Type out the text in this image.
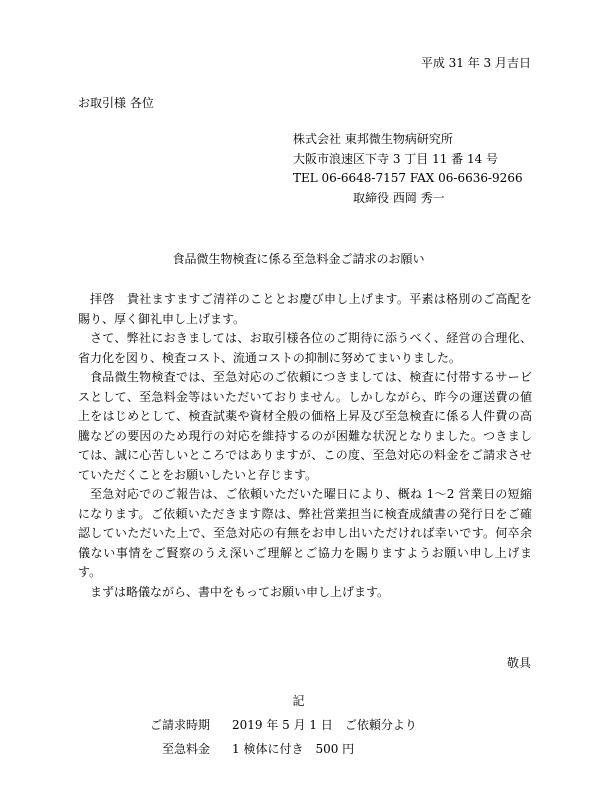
平成 31 年 3 月吉日
お取引様 各位
株式会社 東邦微生物病研究所
大阪市浪速区下寺 3 丁目 11 番 14 号
TEL 06-6648-7157 FAX 06-6636-9266
取締役 西岡 秀一
食品微生物検査に係る至急料金ご請求のお願い

拝啓　貴社ますますご清祥のこととお慶び申し上げます。平素は格別のご高配を賜り、厚く御礼申し上げます。

さて、弊社におきましては、お取引様各位のご期待に添うべく、経営の合理化、省力化を図り、検査コスト、流通コストの抑制に努めてまいりました。

食品微生物検査では、至急対応のご依頼につきましては、検査に付帯するサービスとして、至急料金等はいただいておりません。しかしながら、昨今の運送費の値上をはじめとして、検査試薬や資材全般の価格上昇及び至急検査に係る人件費の高騰などの要因のため現行の対応を維持するのが困難な状況となりました。つきましては、誠に心苦しいところではありますが、この度、至急対応の料金をご請求させていただくことをお願いしたいと存じます。

至急対応でのご報告は、ご依頼いただいた曜日により、概ね 1～2 営業日の短縮になります。ご依頼いただきます際は、弊社営業担当に検査成績書の発行日をご確認していただいた上で、至急対応の有無をお申し出いただければ幸いです。何卒余儀ない事情をご賢察のうえ深いご理解とご協力を賜りますようお願い申し上げます。

まずは略儀ながら、書中をもってお願い申し上げます。

敬具
記
ご請求時期 2019 年 5 月 1 日　ご依頼分より
至急料金 1 検体に付き　500 円
